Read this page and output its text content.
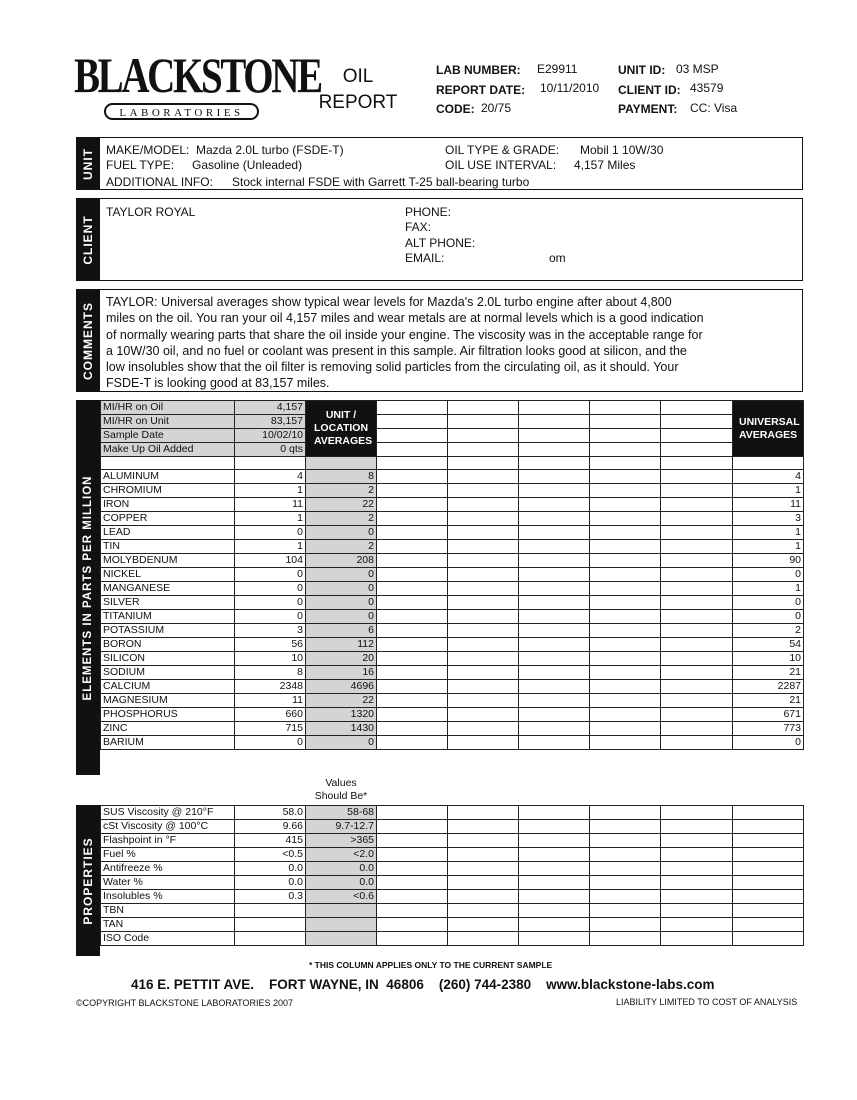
BLACKSTONE
LABORATORIES
OIL
REPORT
LAB NUMBER: E29911
REPORT DATE: 10/11/2010
CODE: 20/75
UNIT ID: 03 MSP
CLIENT ID: 43579
PAYMENT: CC: Visa
UNIT MAKE/MODEL: Mazda 2.0L turbo (FSDE-T)
FUEL TYPE: Gasoline (Unleaded)
ADDITIONAL INFO: Stock internal FSDE with Garrett T-25 ball-bearing turbo
OIL TYPE & GRADE: Mobil 1 10W/30
OIL USE INTERVAL: 4,157 Miles
CLIENT
TAYLOR ROYAL	PHONE:
FAX:
ALT PHONE:
EMAIL:	om
COMMENTS TAYLOR: Universal averages show typical wear levels for Mazda's 2.0L turbo engine after about 4,800
miles on the oil. You ran your oil 4,157 miles and wear metals are at normal levels which is a good indication
of normally wearing parts that share the oil inside your engine. The viscosity was in the acceptable range for
a 10W/30 oil, and no fuel or coolant was present in this sample. Air filtration looks good at silicon, and the
low insolubles show that the oil filter is removing solid particles from the circulating oil, as it should. Your
FSDE-T is looking good at 83,157 miles.
ELEMENTS IN PARTS PER MILLION
MI/HR on Oil	4,157	UNIT / LOCATION AVERAGES						UNIVERSAL AVERAGES
MI/HR on Unit	83,157							
Sample Date	10/02/10							
Make Up Oil Added	0 qts							

ALUMINUM	4	8						4
CHROMIUM	1	2						1
IRON	11	22						11
COPPER	1	2						3
LEAD	0	0						1
TIN	1	2						1
MOLYBDENUM	104	208						90
NICKEL	0	0						0
MANGANESE	0	0						1
SILVER	0	0						0
TITANIUM	0	0						0
POTASSIUM	3	6						2
BORON	56	112						54
SILICON	10	20						10
SODIUM	8	16						21
CALCIUM	2348	4696						2287
MAGNESIUM	11	22						21
PHOSPHORUS	660	1320						671
ZINC	715	1430						773
BARIUM	0	0						0
Values
Should Be*
PROPERTIES
SUS Viscosity @ 210°F	58.0	58-68						
cSt Viscosity @ 100°C	9.66	9.7-12.7						
Flashpoint in °F	415	>365						
Fuel %	<0.5	<2.0						
Antifreeze %	0.0	0.0						
Water %	0.0	0.0						
Insolubles %	0.3	<0.6						
TBN								
TAN								
ISO Code								
* THIS COLUMN APPLIES ONLY TO THE CURRENT SAMPLE
416 E. PETTIT AVE.    FORT WAYNE, IN  46806    (260) 744-2380    www.blackstone-labs.com
©COPYRIGHT BLACKSTONE LABORATORIES 2007	LIABILITY LIMITED TO COST OF ANALYSIS
